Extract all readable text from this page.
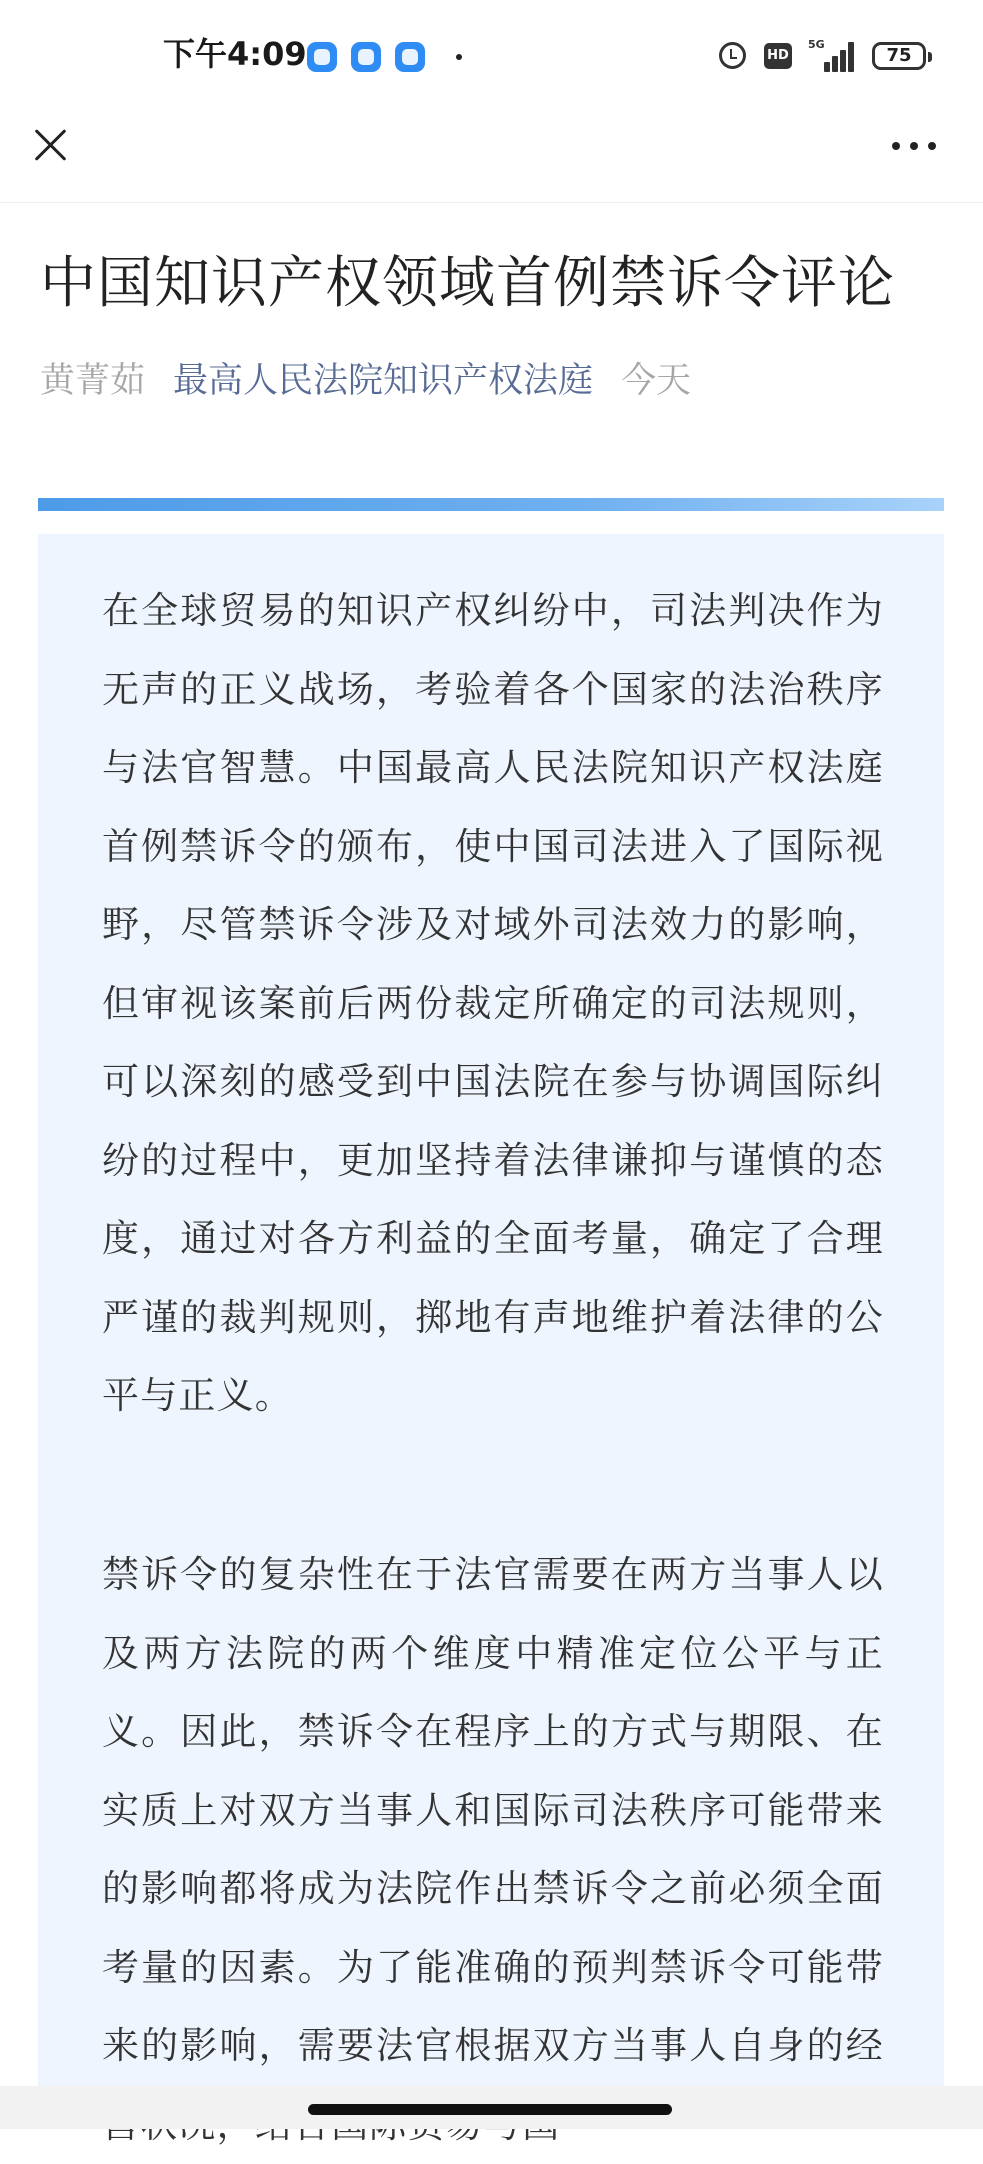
下午4:09	HD
5G
75
中国知识产权领域首例禁诉令评论
黄菁茹 最高人民法院知识产权法庭 今天

在全球贸易的知识产权纠纷中，司法判决作为无声的正义战场，考验着各个国家的法治秩序与法官智慧。中国最高人民法院知识产权法庭首例禁诉令的颁布，使中国司法进入了国际视野，尽管禁诉令涉及对域外司法效力的影响，但审视该案前后两份裁定所确定的司法规则，可以深刻的感受到中国法院在参与协调国际纠纷的过程中，更加坚持着法律谦抑与谨慎的态度，通过对各方利益的全面考量，确定了合理严谨的裁判规则，掷地有声地维护着法律的公平与正义。

禁诉令的复杂性在于法官需要在两方当事人以及两方法院的两个维度中精准定位公平与正义。因此，禁诉令在程序上的方式与期限、在实质上对双方当事人和国际司法秩序可能带来的影响都将成为法院作出禁诉令之前必须全面考量的因素。为了能准确的预判禁诉令可能带来的影响，需要法官根据双方当事人自身的经
